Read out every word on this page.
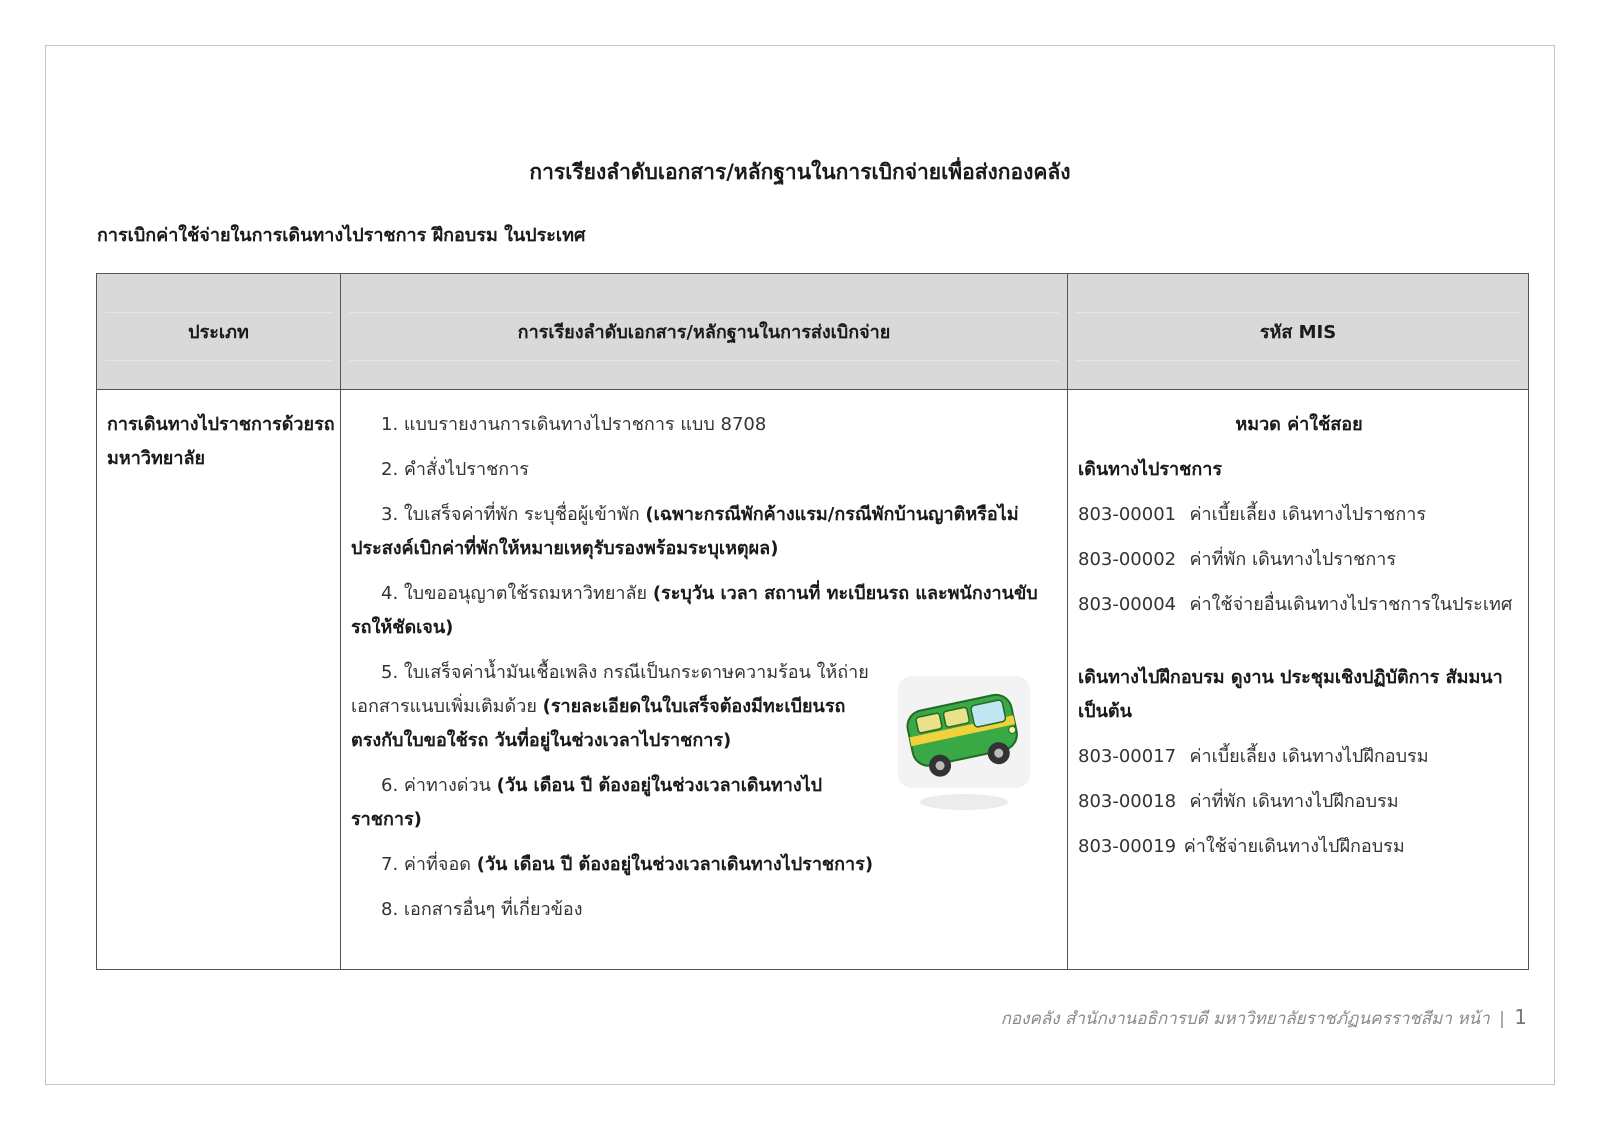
การเรียงลำดับเอกสาร/หลักฐานในการเบิกจ่ายเพื่อส่งกองคลัง
การเบิกค่าใช้จ่ายในการเดินทางไปราชการ ฝึกอบรม ในประเทศ
ประเภท
การเดินทางไปราชการด้วยรถมหาวิทยาลัย
การเรียงลำดับเอกสาร/หลักฐานในการส่งเบิกจ่าย
1. แบบรายงานการเดินทางไปราชการ แบบ 8708
2. คำสั่งไปราชการ
3. ใบเสร็จค่าที่พัก ระบุชื่อผู้เข้าพัก (เฉพาะกรณีพักค้างแรม/กรณีพักบ้านญาติหรือไม่ประสงค์เบิกค่าที่พักให้หมายเหตุรับรองพร้อมระบุเหตุผล)
4. ใบขออนุญาตใช้รถมหาวิทยาลัย (ระบุวัน เวลา สถานที่ ทะเบียนรถ และพนักงานขับรถให้ชัดเจน)
5. ใบเสร็จค่าน้ำมันเชื้อเพลิง กรณีเป็นกระดาษความร้อน ให้ถ่ายเอกสารแนบเพิ่มเติมด้วย (รายละเอียดในใบเสร็จต้องมีทะเบียนรถตรงกับใบขอใช้รถ วันที่อยู่ในช่วงเวลาไปราชการ)
6. ค่าทางด่วน (วัน เดือน ปี ต้องอยู่ในช่วงเวลาเดินทางไปราชการ)
7. ค่าที่จอด (วัน เดือน ปี ต้องอยู่ในช่วงเวลาเดินทางไปราชการ)
8. เอกสารอื่นๆ ที่เกี่ยวข้อง
รหัส MIS
หมวด ค่าใช้สอย
เดินทางไปราชการ
803-00001 ค่าเบี้ยเลี้ยง เดินทางไปราชการ
803-00002 ค่าที่พัก เดินทางไปราชการ
803-00004 ค่าใช้จ่ายอื่นเดินทางไปราชการในประเทศ
เดินทางไปฝึกอบรม ดูงาน ประชุมเชิงปฏิบัติการ สัมมนา เป็นต้น
803-00017 ค่าเบี้ยเลี้ยง เดินทางไปฝึกอบรม
803-00018 ค่าที่พัก เดินทางไปฝึกอบรม
803-00019 ค่าใช้จ่ายเดินทางไปฝึกอบรม
กองคลัง สำนักงานอธิการบดี มหาวิทยาลัยราชภัฏนครราชสีมา หน้า | 1
